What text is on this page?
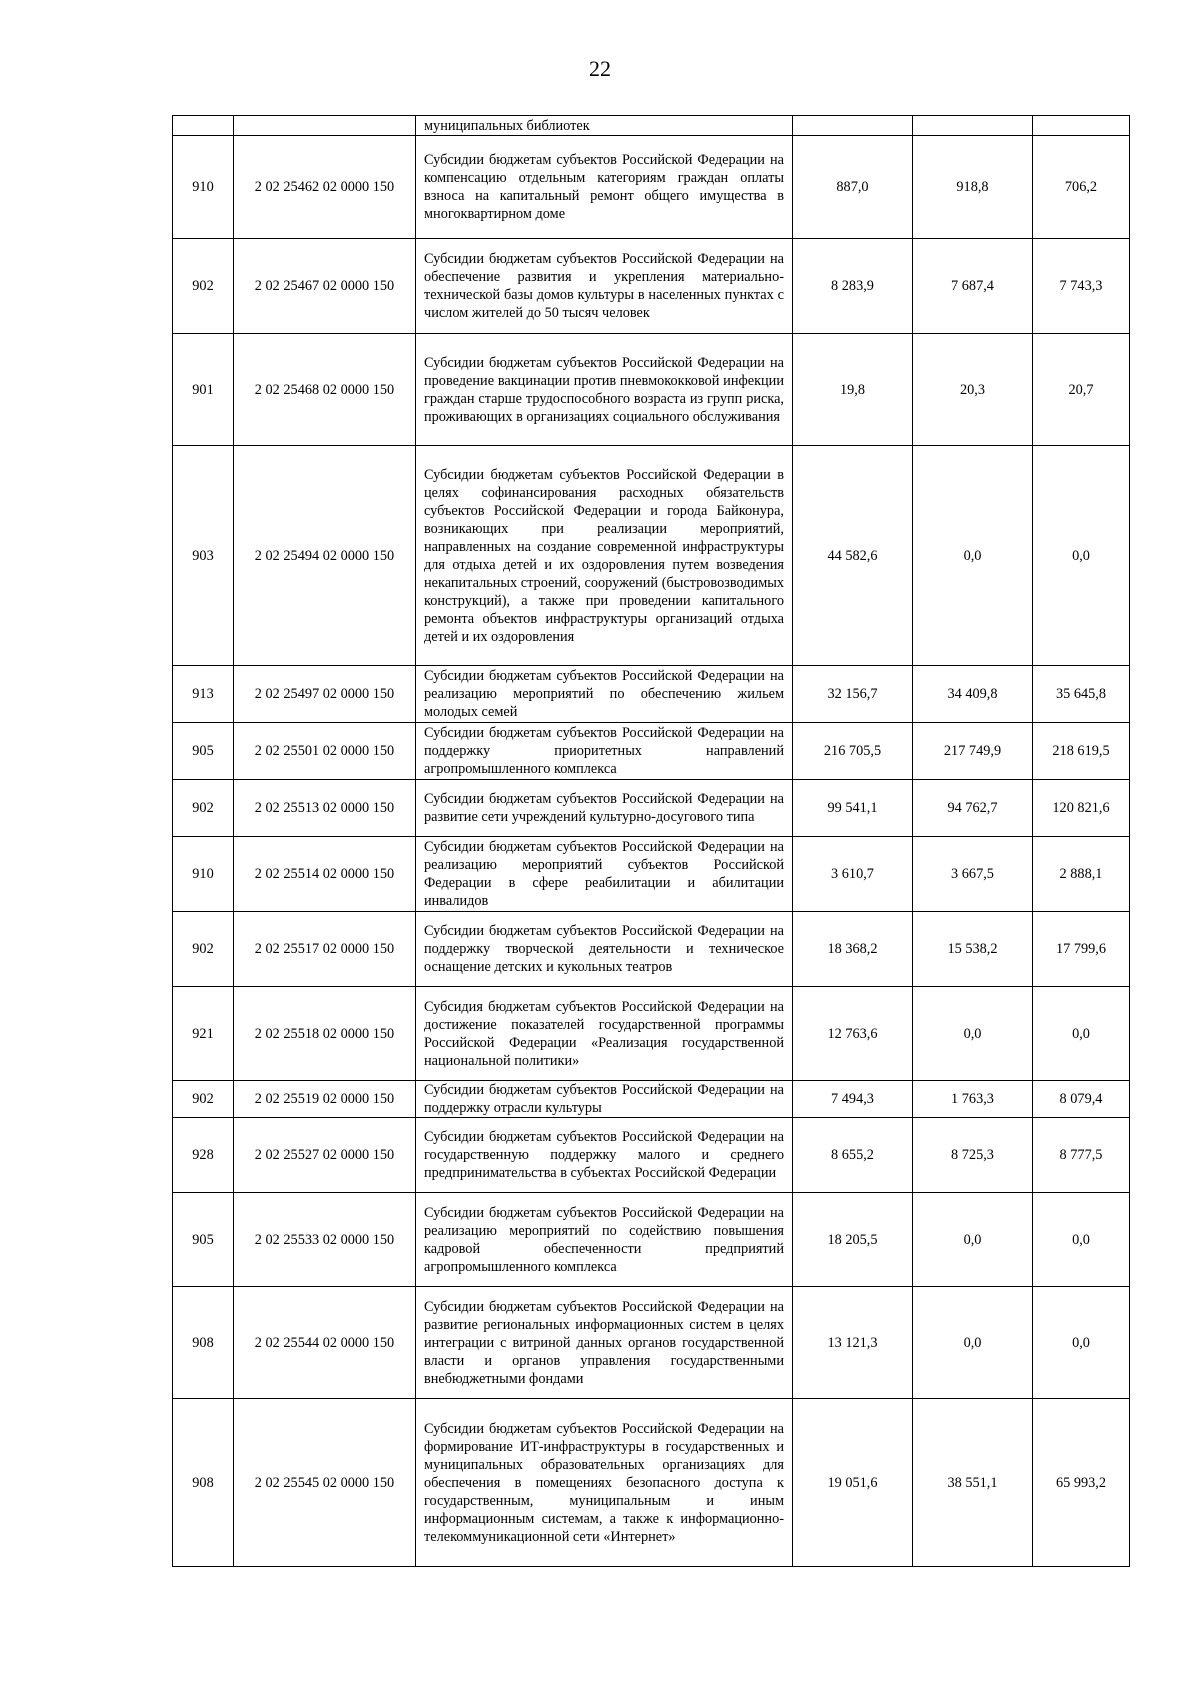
22
		муниципальных библиотек			
910	2 02 25462 02 0000 150	Субсидии бюджетам субъектов Российской Федерации на компенсацию отдельным категориям граждан оплаты взноса на капитальный ремонт общего имущества в многоквартирном доме	887,0	918,8	706,2
902	2 02 25467 02 0000 150	Субсидии бюджетам субъектов Российской Федерации на обеспечение развития и укрепления материально-технической базы домов культуры в населенных пунктах с числом жителей до 50 тысяч человек	8 283,9	7 687,4	7 743,3
901	2 02 25468 02 0000 150	Субсидии бюджетам субъектов Российской Федерации на проведение вакцинации против пневмококковой инфекции граждан старше трудоспособного возраста из групп риска, проживающих в организациях социального обслуживания	19,8	20,3	20,7
903	2 02 25494 02 0000 150	Субсидии бюджетам субъектов Российской Федерации в целях софинансирования расходных обязательств субъектов Российской Федерации и города Байконура, возникающих при реализации мероприятий, направленных на создание современной инфраструктуры для отдыха детей и их оздоровления путем возведения некапитальных строений, сооружений (быстровозводимых конструкций), а также при проведении капитального ремонта объектов инфраструктуры организаций отдыха детей и их оздоровления	44 582,6	0,0	0,0
913	2 02 25497 02 0000 150	Субсидии бюджетам субъектов Российской Федерации на реализацию мероприятий по обеспечению жильем молодых семей	32 156,7	34 409,8	35 645,8
905	2 02 25501 02 0000 150	Субсидии бюджетам субъектов Российской Федерации на поддержку приоритетных направлений агропромышленного комплекса	216 705,5	217 749,9	218 619,5
902	2 02 25513 02 0000 150	Субсидии бюджетам субъектов Российской Федерации на развитие сети учреждений культурно-досугового типа	99 541,1	94 762,7	120 821,6
910	2 02 25514 02 0000 150	Субсидии бюджетам субъектов Российской Федерации на реализацию мероприятий субъектов Российской Федерации в сфере реабилитации и абилитации инвалидов	3 610,7	3 667,5	2 888,1
902	2 02 25517 02 0000 150	Субсидии бюджетам субъектов Российской Федерации на поддержку творческой деятельности и техническое оснащение детских и кукольных театров	18 368,2	15 538,2	17 799,6
921	2 02 25518 02 0000 150	Субсидия бюджетам субъектов Российской Федерации на достижение показателей государственной программы Российской Федерации «Реализация государственной национальной политики»	12 763,6	0,0	0,0
902	2 02 25519 02 0000 150	Субсидии бюджетам субъектов Российской Федерации на поддержку отрасли культуры	7 494,3	1 763,3	8 079,4
928	2 02 25527 02 0000 150	Субсидии бюджетам субъектов Российской Федерации на государственную поддержку малого и среднего предпринимательства в субъектах Российской Федерации	8 655,2	8 725,3	8 777,5
905	2 02 25533 02 0000 150	Субсидии бюджетам субъектов Российской Федерации на реализацию мероприятий по содействию повышения кадровой обеспеченности предприятий агропромышленного комплекса	18 205,5	0,0	0,0
908	2 02 25544 02 0000 150	Субсидии бюджетам субъектов Российской Федерации на развитие региональных информационных систем в целях интеграции с витриной данных органов государственной власти и органов управления государственными внебюджетными фондами	13 121,3	0,0	0,0
908	2 02 25545 02 0000 150	Субсидии бюджетам субъектов Российской Федерации на формирование ИТ-инфраструктуры в государственных и муниципальных образовательных организациях для обеспечения в помещениях безопасного доступа к государственным, муниципальным и иным информационным системам, а также к информационно-телекоммуникационной сети «Интернет»	19 051,6	38 551,1	65 993,2
